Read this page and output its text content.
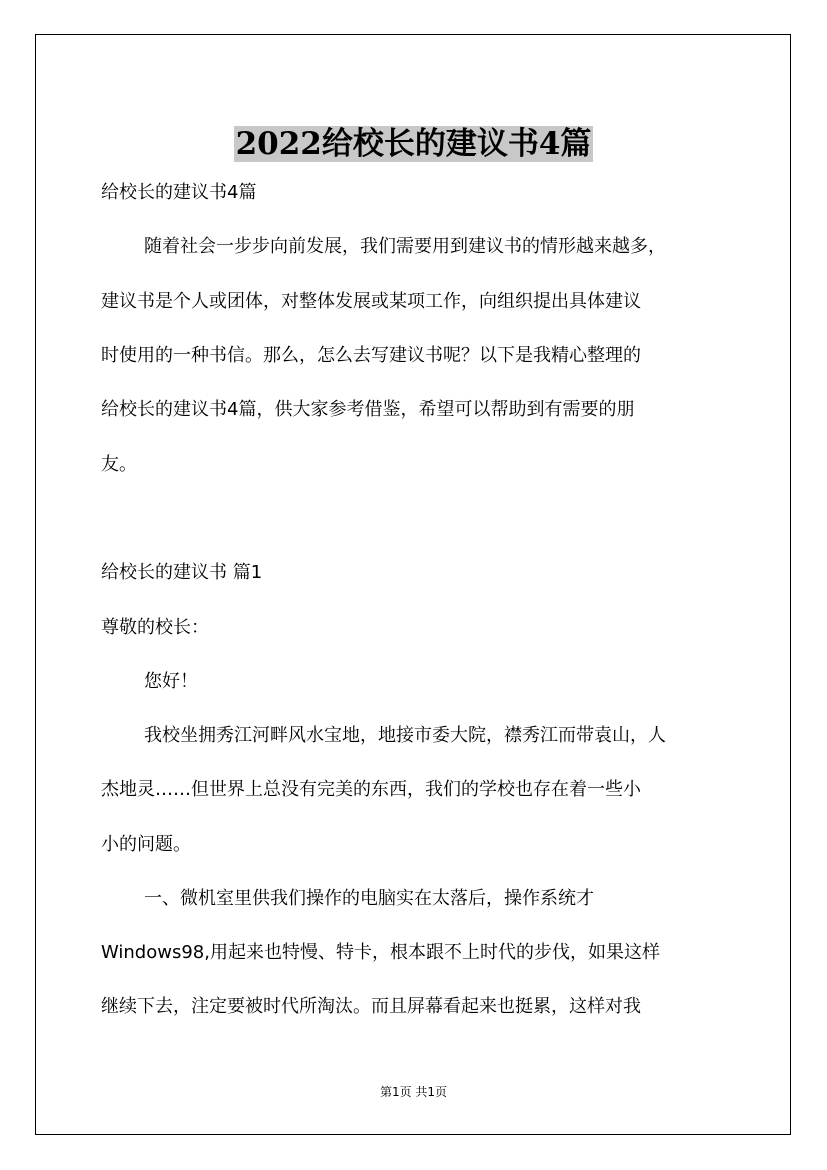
2022给校长的建议书4篇

给校长的建议书4篇

随着社会一步步向前发展，我们需要用到建议书的情形越来越多，

建议书是个人或团体，对整体发展或某项工作，向组织提出具体建议

时使用的一种书信。那么，怎么去写建议书呢？以下是我精心整理的

给校长的建议书4篇，供大家参考借鉴，希望可以帮助到有需要的朋

友。

给校长的建议书 篇1

尊敬的校长：

您好！

我校坐拥秀江河畔风水宝地，地接市委大院，襟秀江而带袁山，人

杰地灵……但世界上总没有完美的东西，我们的学校也存在着一些小

小的问题。

一、微机室里供我们操作的电脑实在太落后，操作系统才

Windows98,用起来也特慢、特卡，根本跟不上时代的步伐，如果这样

继续下去，注定要被时代所淘汰。而且屏幕看起来也挺累，这样对我

第1页 共1页
